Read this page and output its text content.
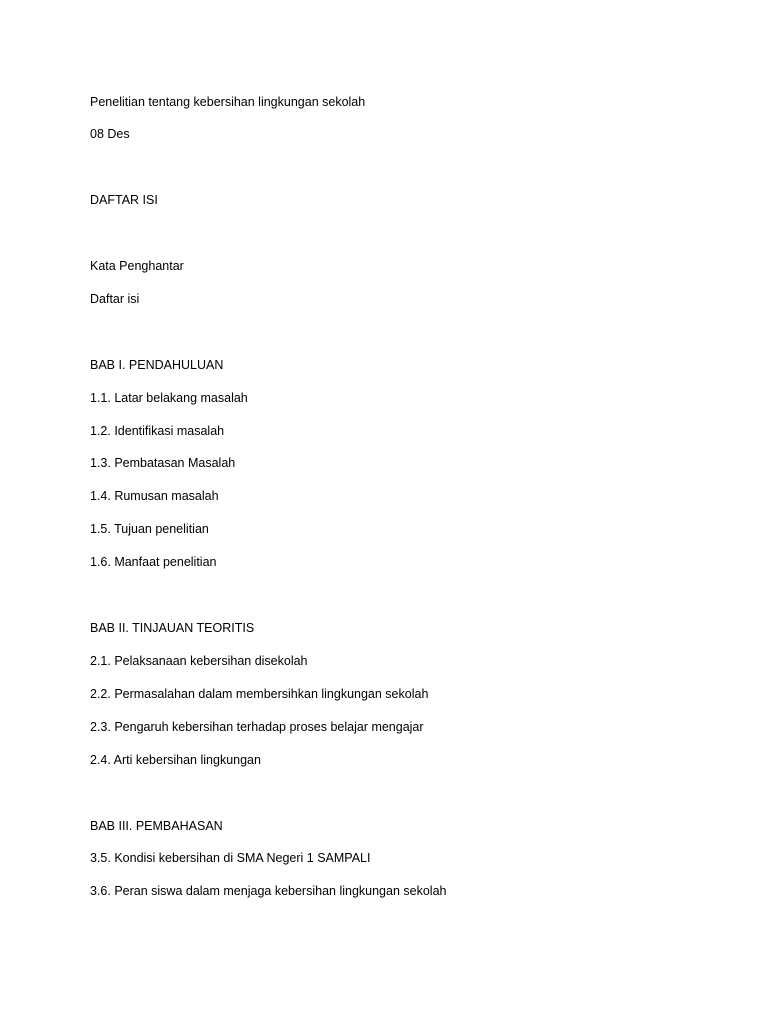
Penelitian tentang kebersihan lingkungan sekolah

08 Des

DAFTAR ISI

Kata Penghantar

Daftar isi

BAB I. PENDAHULUAN

1.1. Latar belakang masalah

1.2. Identifikasi masalah

1.3. Pembatasan Masalah

1.4. Rumusan masalah

1.5. Tujuan penelitian

1.6. Manfaat penelitian

BAB II. TINJAUAN TEORITIS

2.1. Pelaksanaan kebersihan disekolah

2.2. Permasalahan dalam membersihkan lingkungan sekolah

2.3. Pengaruh kebersihan terhadap proses belajar mengajar

2.4. Arti kebersihan lingkungan

BAB III. PEMBAHASAN

3.5. Kondisi kebersihan di SMA Negeri 1 SAMPALI

3.6. Peran siswa dalam menjaga kebersihan lingkungan sekolah
